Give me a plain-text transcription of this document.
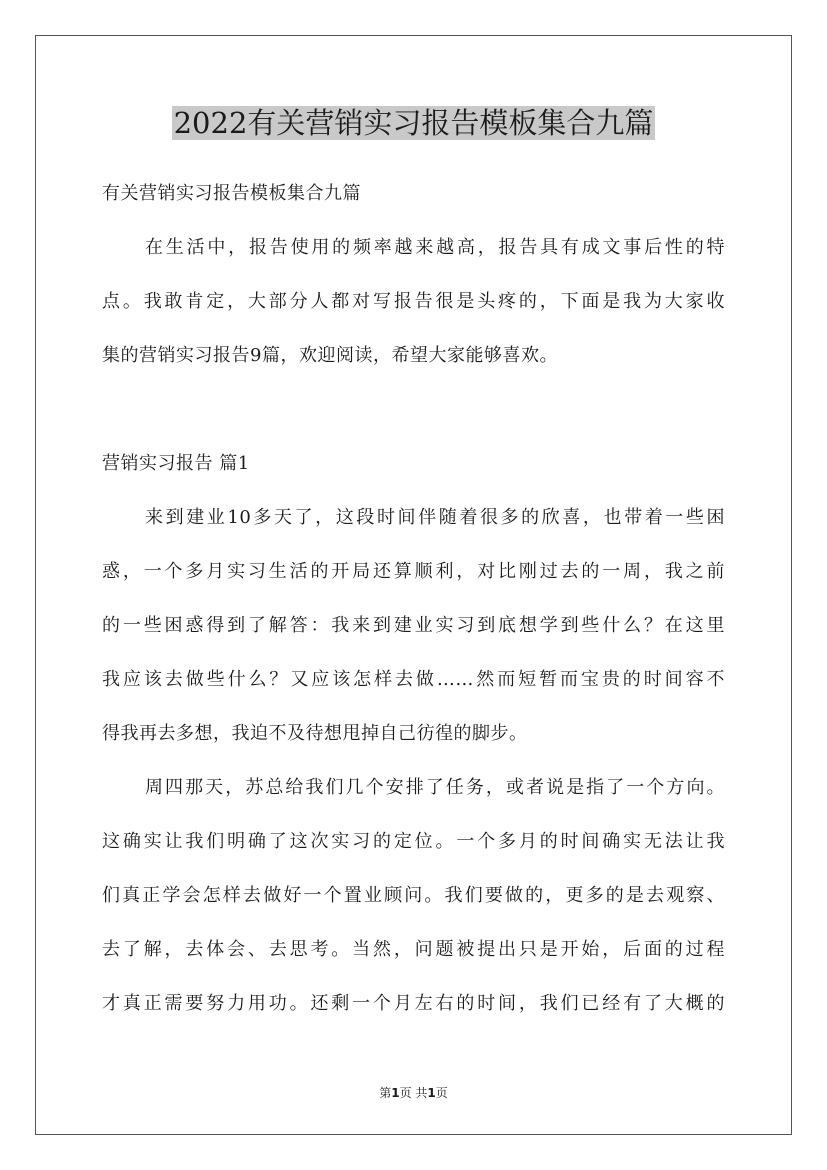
2022有关营销实习报告模板集合九篇
有关营销实习报告模板集合九篇
在生活中，报告使用的频率越来越高，报告具有成文事后性的特
点。我敢肯定，大部分人都对写报告很是头疼的，下面是我为大家收
集的营销实习报告9篇，欢迎阅读，希望大家能够喜欢。
营销实习报告 篇1
来到建业10多天了，这段时间伴随着很多的欣喜，也带着一些困
惑，一个多月实习生活的开局还算顺利，对比刚过去的一周，我之前
的一些困惑得到了解答：我来到建业实习到底想学到些什么？在这里
我应该去做些什么？又应该怎样去做……然而短暂而宝贵的时间容不
得我再去多想，我迫不及待想甩掉自己彷徨的脚步。
周四那天，苏总给我们几个安排了任务，或者说是指了一个方向。
这确实让我们明确了这次实习的定位。一个多月的时间确实无法让我
们真正学会怎样去做好一个置业顾问。我们要做的，更多的是去观察、
去了解，去体会、去思考。当然，问题被提出只是开始，后面的过程
才真正需要努力用功。还剩一个月左右的时间，我们已经有了大概的
第1页 共1页
